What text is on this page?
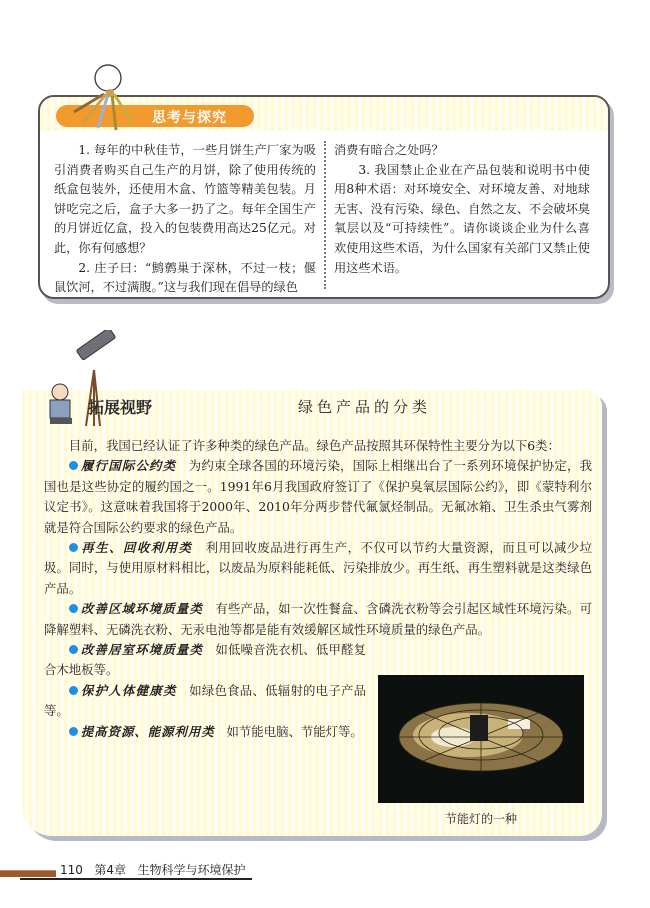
思考与探究

1. 每年的中秋佳节，一些月饼生产厂家为吸引消费者购买自己生产的月饼，除了使用传统的纸盒包装外，还使用木盒、竹篮等精美包装。月饼吃完之后，盒子大多一扔了之。每年全国生产的月饼近亿盒，投入的包装费用高达25亿元。对此，你有何感想？

2. 庄子曰：“鹪鹩巢于深林，不过一枝；偃鼠饮河，不过满腹。”这与我们现在倡导的绿色

消费有暗合之处吗？

3. 我国禁止企业在产品包装和说明书中使用8种术语：对环境安全、对环境友善、对地球无害、没有污染、绿色、自然之友、不会破坏臭氧层以及“可持续性”。请你谈谈企业为什么喜欢使用这些术语，为什么国家有关部门又禁止使用这些术语。

拓展视野	绿色产品的分类

目前，我国已经认证了许多种类的绿色产品。绿色产品按照其环保特性主要分为以下6类：

履行国际公约类 为约束全球各国的环境污染，国际上相继出台了一系列环境保护协定，我国也是这些协定的履约国之一。1991年6月我国政府签订了《保护臭氧层国际公约》，即《蒙特利尔议定书》。这意味着我国将于2000年、2010年分两步替代氟氯烃制品。无氟冰箱、卫生杀虫气雾剂就是符合国际公约要求的绿色产品。

再生、回收利用类 利用回收废品进行再生产，不仅可以节约大量资源，而且可以减少垃圾。同时，与使用原材料相比，以废品为原料能耗低、污染排放少。再生纸、再生塑料就是这类绿色产品。

改善区域环境质量类 有些产品，如一次性餐盒、含磷洗衣粉等会引起区域性环境污染。可降解塑料、无磷洗衣粉、无汞电池等都是能有效缓解区域性环境质量的绿色产品。

改善居室环境质量类 如低噪音洗衣机、低甲醛复合木地板等。

保护人体健康类 如绿色食品、低辐射的电子产品等。

提高资源、能源利用类 如节能电脑、节能灯等。

节能灯的一种
110 第4章 生物科学与环境保护
